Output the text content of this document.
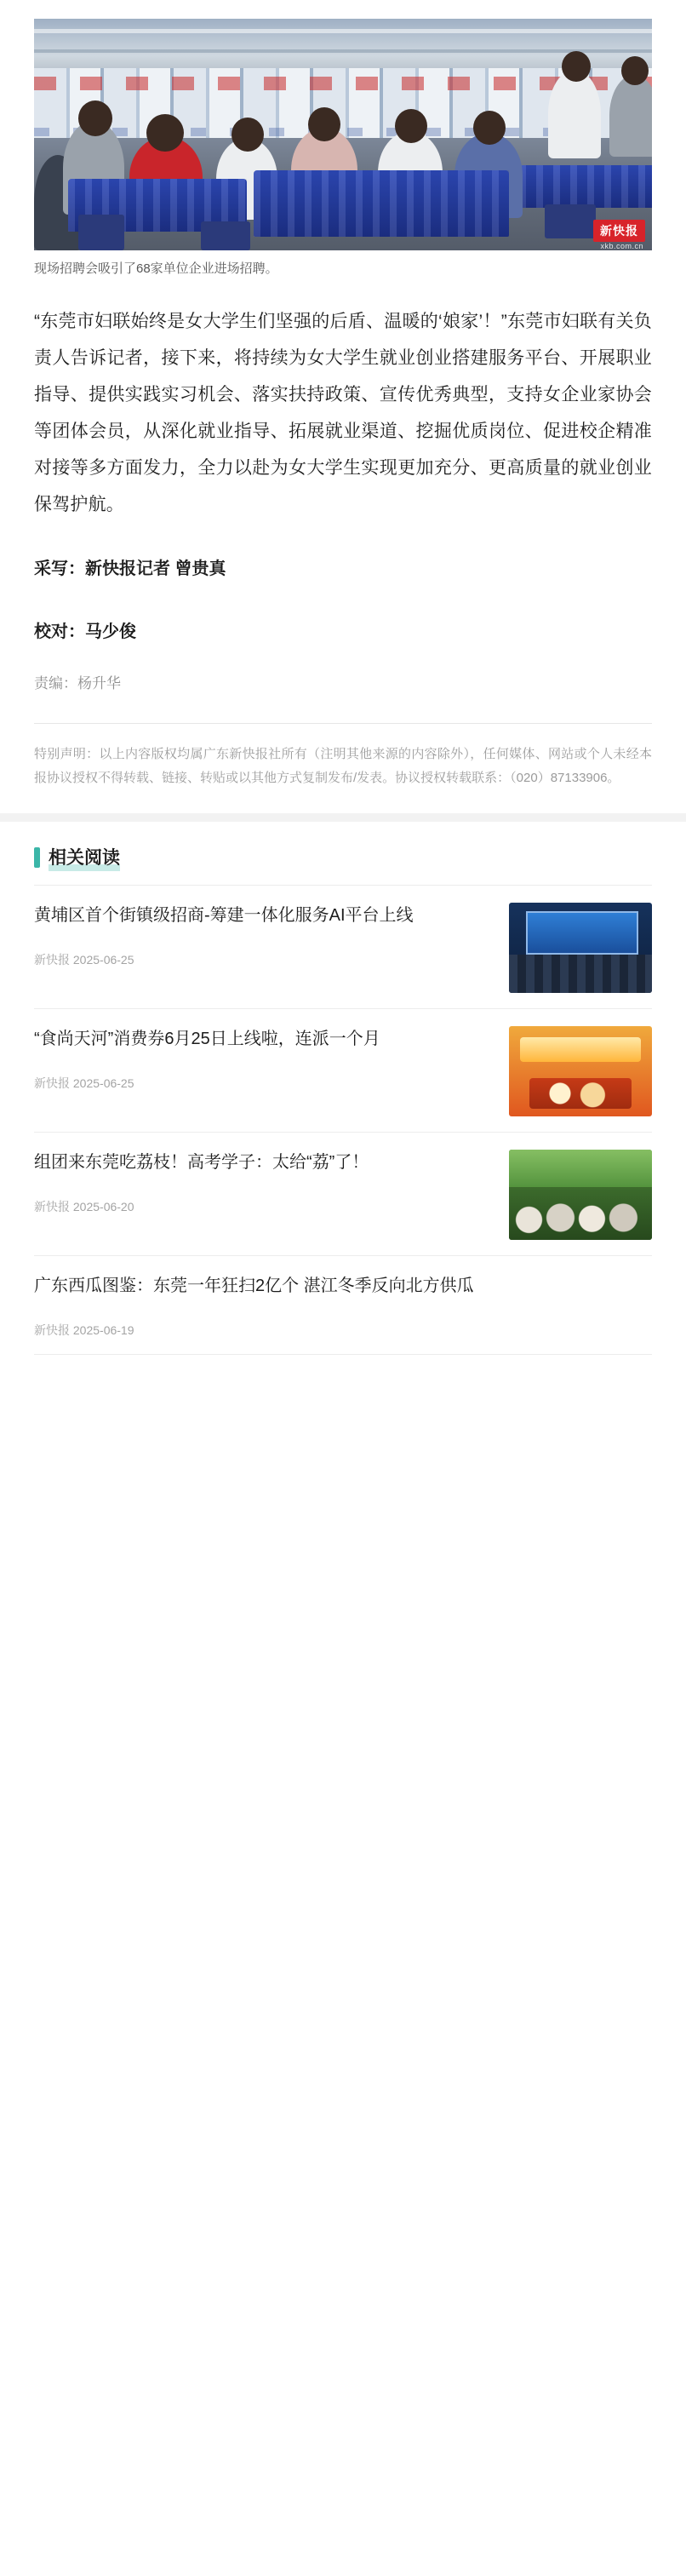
新快报
xkb.com.cn
现场招聘会吸引了68家单位企业进场招聘。

“东莞市妇联始终是女大学生们坚强的后盾、温暖的‘娘家’！”东莞市妇联有关负责人告诉记者，接下来，将持续为女大学生就业创业搭建服务平台、开展职业指导、提供实践实习机会、落实扶持政策、宣传优秀典型，支持女企业家协会等团体会员，从深化就业指导、拓展就业渠道、挖掘优质岗位、促进校企精准对接等多方面发力，全力以赴为女大学生实现更加充分、更高质量的就业创业保驾护航。

采写：新快报记者 曾贵真
校对：马少俊
责编：杨升华
特别声明：以上内容版权均属广东新快报社所有（注明其他来源的内容除外），任何媒体、网站或个人未经本报协议授权不得转载、链接、转贴或以其他方式复制发布/发表。协议授权转载联系：（020）87133906。
相关阅读
黄埔区首个街镇级招商-筹建一体化服务AI平台上线
新快报 2025-06-25
“食尚天河”消费券6月25日上线啦，连派一个月
新快报 2025-06-25
组团来东莞吃荔枝！高考学子：太给“荔”了！
新快报 2025-06-20
广东西瓜图鉴：东莞一年狂扫2亿个 湛江冬季反向北方供瓜
新快报 2025-06-19
